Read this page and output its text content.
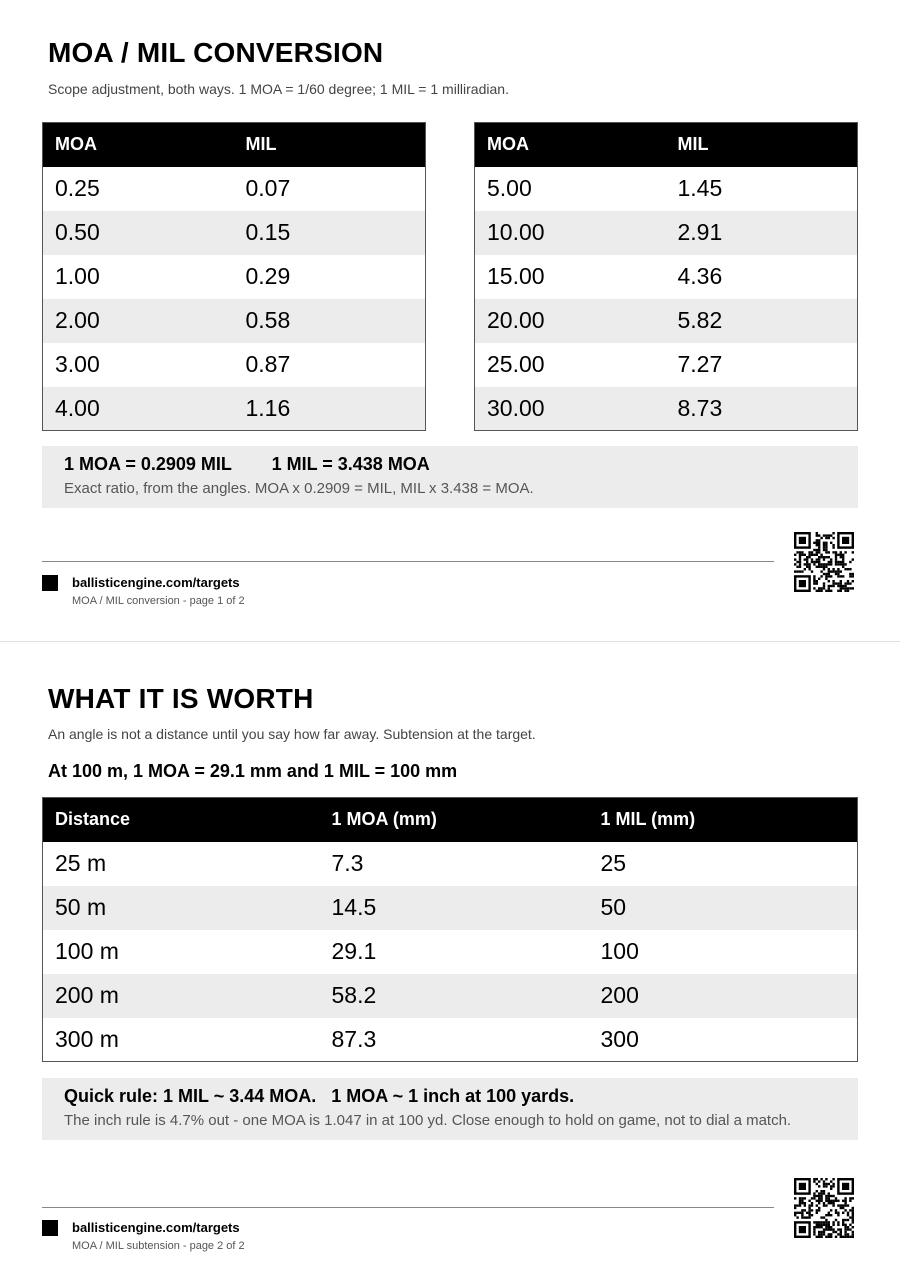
MOA / MIL CONVERSION
Scope adjustment, both ways. 1 MOA = 1/60 degree; 1 MIL = 1 milliradian.
MOA	MIL
0.25	0.07
0.50	0.15
1.00	0.29
2.00	0.58
3.00	0.87
4.00	1.16
MOA	MIL
5.00	1.45
10.00	2.91
15.00	4.36
20.00	5.82
25.00	7.27
30.00	8.73
1 MOA = 0.2909 MIL        1 MIL = 3.438 MOA
Exact ratio, from the angles. MOA x 0.2909 = MIL, MIL x 3.438 = MOA.
ballisticengine.com/targets
MOA / MIL conversion - page 1 of 2
WHAT IT IS WORTH
An angle is not a distance until you say how far away. Subtension at the target.
At 100 m, 1 MOA = 29.1 mm and 1 MIL = 100 mm
Distance	1 MOA (mm)	1 MIL (mm)
25 m	7.3	25
50 m	14.5	50
100 m	29.1	100
200 m	58.2	200
300 m	87.3	300
Quick rule: 1 MIL ~ 3.44 MOA.   1 MOA ~ 1 inch at 100 yards.
The inch rule is 4.7% out - one MOA is 1.047 in at 100 yd. Close enough to hold on game, not to dial a match.
ballisticengine.com/targets
MOA / MIL subtension - page 2 of 2
